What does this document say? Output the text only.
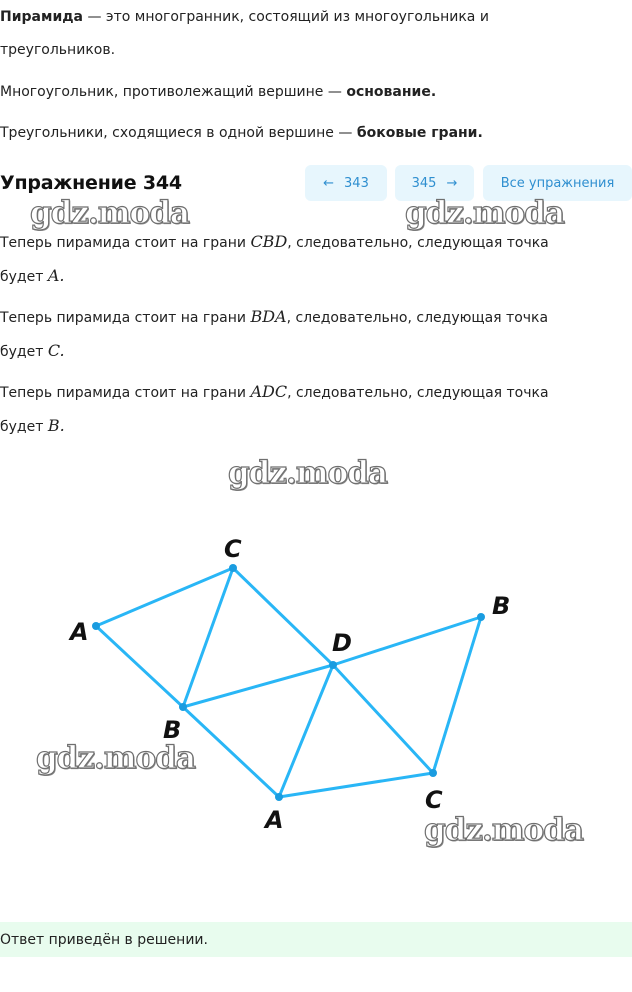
Пирамида — это многогранник, состоящий из многоугольника и
треугольников.
Многоугольник, противолежащий вершине — основание.
Треугольники, сходящиеся в одной вершине — боковые грани.
Упражнение 344	← 343	345 →	Все упражнения
Теперь пирамида стоит на грани CBD, следовательно, следующая точка
будет A.
Теперь пирамида стоит на грани BDA, следовательно, следующая точка
будет C.
Теперь пирамида стоит на грани ADC, следовательно, следующая точка
будет B.
C
A
B
D
B
A
C
gdz.moda	gdz.moda
gdz.moda
gdz.moda
gdz.moda
Ответ приведён в решении.
